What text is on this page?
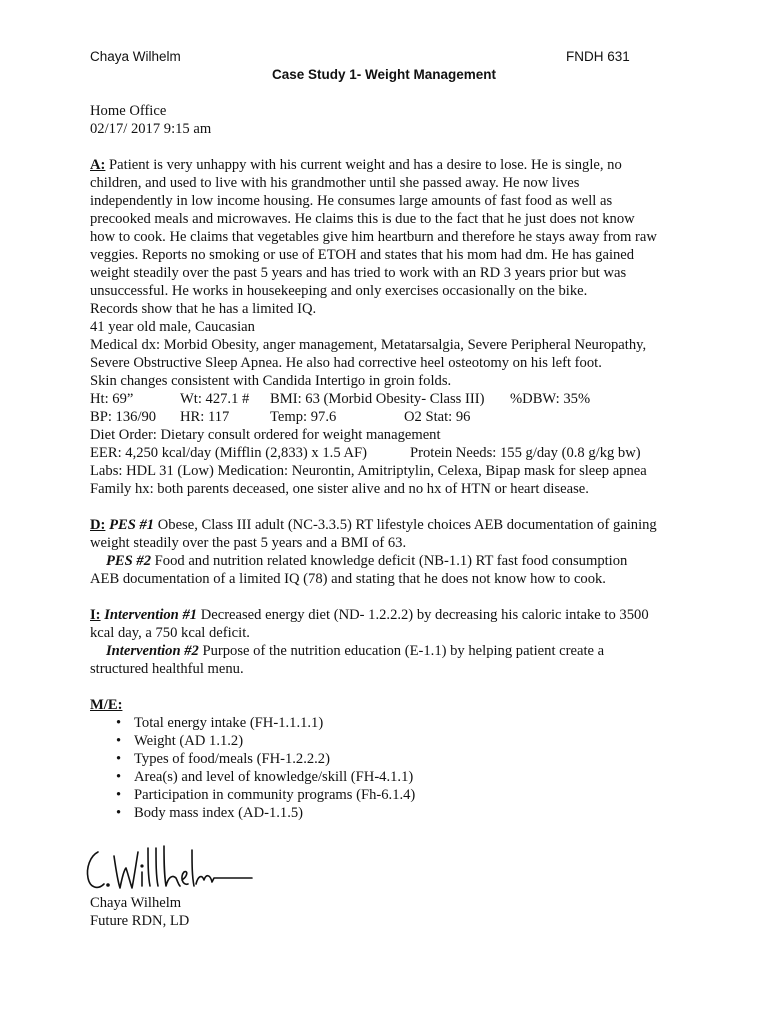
Chaya Wilhelm	FNDH 631
Case Study 1- Weight Management
Home Office
02/17/ 2017 9:15 am
A: Patient is very unhappy with his current weight and has a desire to lose. He is single, no
children, and used to live with his grandmother until she passed away. He now lives
independently in low income housing. He consumes large amounts of fast food as well as
precooked meals and microwaves. He claims this is due to the fact that he just does not know
how to cook. He claims that vegetables give him heartburn and therefore he stays away from raw
veggies. Reports no smoking or use of ETOH and states that his mom had dm. He has gained
weight steadily over the past 5 years and has tried to work with an RD 3 years prior but was
unsuccessful. He works in housekeeping and only exercises occasionally on the bike.
Records show that he has a limited IQ.
41 year old male, Caucasian
Medical dx: Morbid Obesity, anger management, Metatarsalgia, Severe Peripheral Neuropathy,
Severe Obstructive Sleep Apnea. He also had corrective heel osteotomy on his left foot.
Skin changes consistent with Candida Intertigo in groin folds.
Ht: 69”	Wt: 427.1 #	BMI: 63 (Morbid Obesity- Class III)	%DBW: 35%
BP: 136/90	HR: 117	Temp: 97.6	O2 Stat: 96
Diet Order: Dietary consult ordered for weight management
EER: 4,250 kcal/day (Mifflin (2,833) x 1.5 AF)	Protein Needs: 155 g/day (0.8 g/kg bw)
Labs: HDL 31 (Low) Medication: Neurontin, Amitriptylin, Celexa, Bipap mask for sleep apnea
Family hx: both parents deceased, one sister alive and no hx of HTN or heart disease.
D: PES #1 Obese, Class III adult (NC-3.3.5) RT lifestyle choices AEB documentation of gaining
weight steadily over the past 5 years and a BMI of 63.
PES #2 Food and nutrition related knowledge deficit (NB-1.1) RT fast food consumption
AEB documentation of a limited IQ (78) and stating that he does not know how to cook.
I: Intervention #1 Decreased energy diet (ND- 1.2.2.2) by decreasing his caloric intake to 3500
kcal day, a 750 kcal deficit.
Intervention #2 Purpose of the nutrition education (E-1.1) by helping patient create a
structured healthful menu.
M/E:
• Total energy intake (FH-1.1.1.1)
• Weight (AD 1.1.2)
• Types of food/meals (FH-1.2.2.2)
• Area(s) and level of knowledge/skill (FH-4.1.1)
• Participation in community programs (Fh-6.1.4)
• Body mass index (AD-1.1.5)
Chaya Wilhelm
Future RDN, LD
